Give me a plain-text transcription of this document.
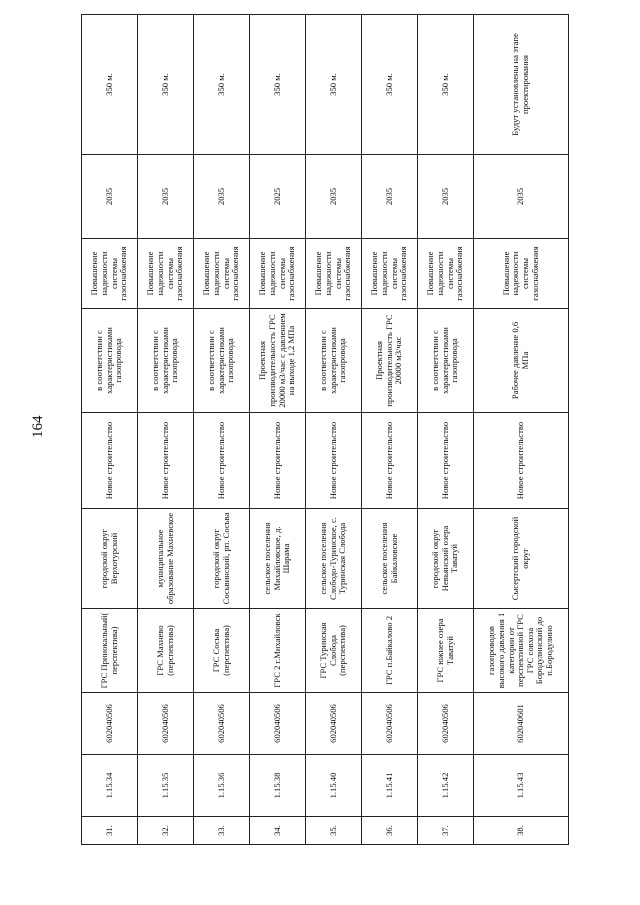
164
31.	1.15.34	602040506	ГРС Прииокальный( перспектива)	городской округ Верхотурский	Новое строительство	в соответствии с характеристиками газопровода	Повышение надежности системы газоснабжения	2035	350 м.
32.	1.15.35	602040506	ГРС Махнево (перспектива)	муниципальное образование Махневское	Новое строительство	в соответствии с характеристиками газопровода	Повышение надежности системы газоснабжения	2035	350 м.
33.	1.15.36	602040506	ГРС Сосьва (перспектива)	городской округ Сосьвинский, рп. Сосьва	Новое строительство	в соответствии с характеристиками газопровода	Повышение надежности системы газоснабжения	2035	350 м.
34.	1.15.38	602040506	ГРС 2 г.Михайловск	сельское поселения Михайловское, д. Шарама	Новое строительство	Проектная производительность ГРС 20000 м3/час с давлением на выходе 1,2 МПа	Повышение надежности системы газоснабжения	2025	350 м.
35.	1.15.40	602040506	ГРС Туринская Слобода (перспектива)	сельское поселения Слободо-Туринское, с. Туринская Слобода	Новое строительство	в соответствии с характеристиками газопровода	Повышение надежности системы газоснабжения	2035	350 м.
36.	1.15.41	602040506	ГРС п.Байкалово 2	сельское поселения Байкаловское	Новое строительство	Проектная производительность ГРС 20000 м3/час	Повышение надежности системы газоснабжения	2035	350 м.
37.	1.15.42	602040506	ГРС южнее озера Таватуй	городской округ Невьянский озера Таватуй	Новое строительство	в соответствии с характеристиками газопровода	Повышение надежности системы газоснабжения	2035	350 м.
38.	1.15.43	602040601	газопроводов высокого давления 1 категории от перспективной ГРС ГРС совхоза Бородулинский до п.Бородулино	Сысертский городской округ	Новое строительство	Рабочее давление 0,6 МПа	Повышение надежности системы газоснабжения	2035	Будут установлены на этапе проектирования
